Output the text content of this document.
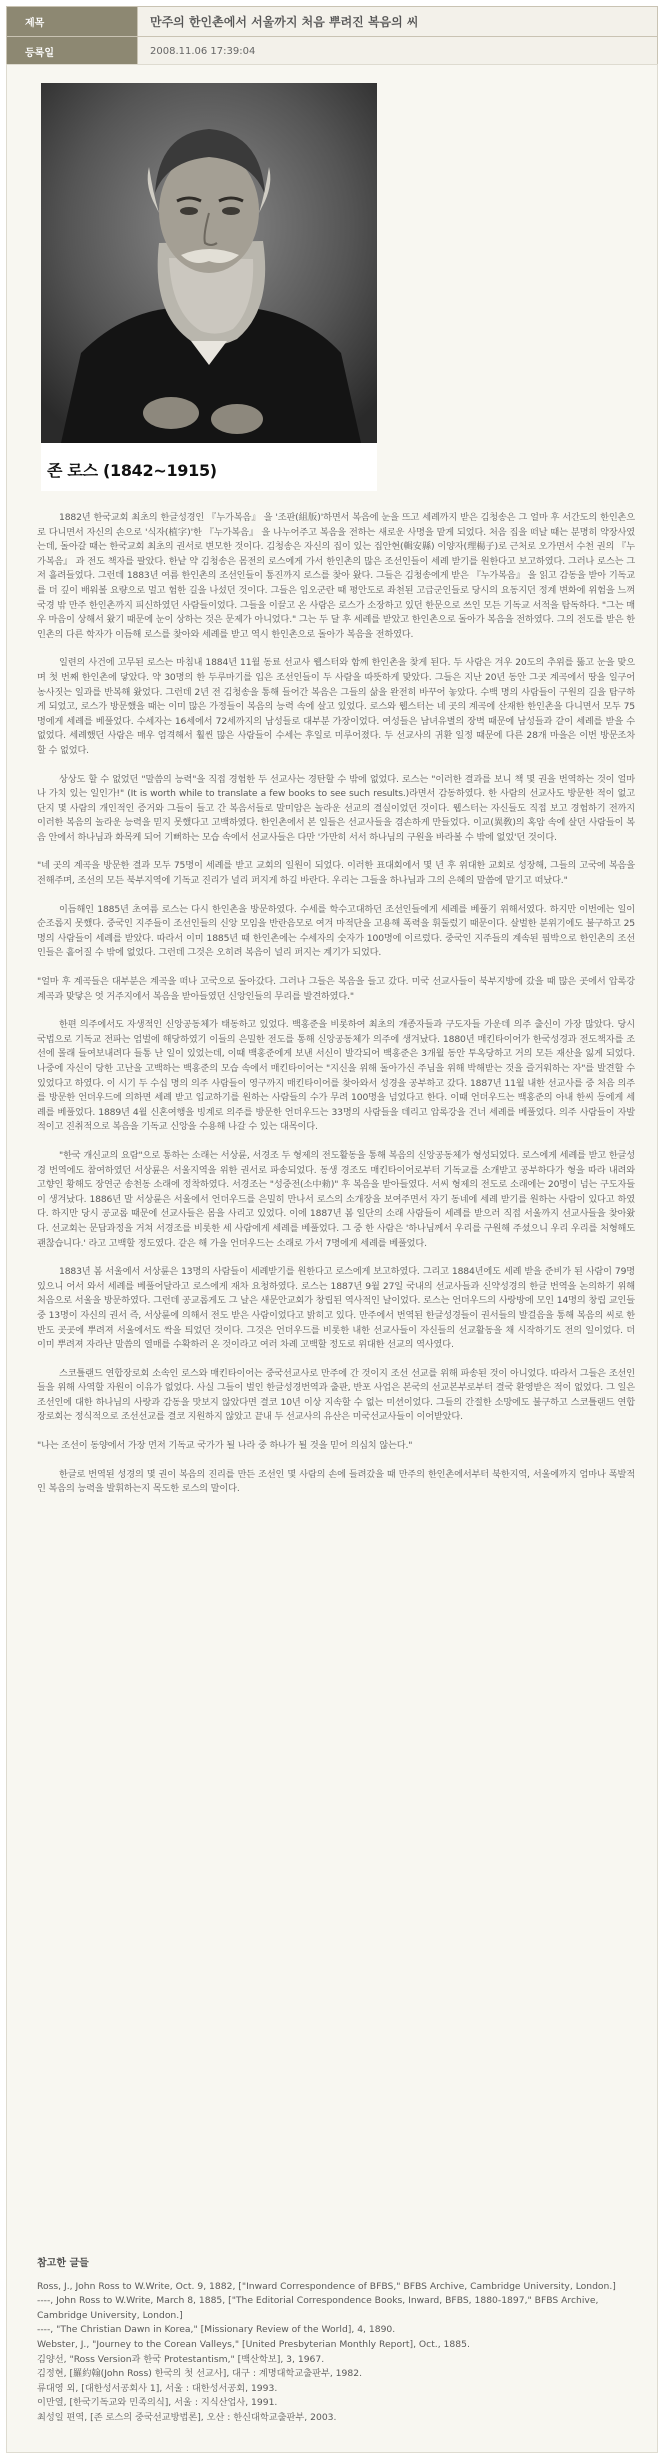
제목	만주의 한인촌에서 서울까지 처음 뿌려진 복음의 씨
등록일	2008.11.06 17:39:04
존 로스 (1842~1915)

1882년 한국교회 최초의 한글성경인 『누가복음』 을 '조판(組版)'하면서 복음에 눈을 뜨고 세례까지 받은 김청송은 그 얼마 후 서간도의 한인촌으로 다니면서 자신의 손으로 '식자(植字)'한 『누가복음』 을 나누어주고 복음을 전하는 새로운 사명을 맡게 되었다. 처음 집을 떠날 때는 분명히 약장사였는데, 돌아갈 때는 한국교회 최초의 권서로 변모한 것이다. 김청송은 자신의 집이 있는 집안현(輯安縣) 이양자(理楊子)로 근처로 오가면서 수천 권의 『누가복음』 과 전도 책자를 팔았다. 한낱 약 김청송은 몸전의 로스에게 가서 한인촌의 많은 조선인들이 세례 받기를 원한다고 보고하였다. 그러나 로스는 그저 흘려들었다. 그런데 1883년 여름 한인촌의 조선인들이 통진까지 로스를 찾아 왔다. 그들은 김청송에게 받은 『누가복음』 을 읽고 감동을 받아 기독교를 더 깊이 배워볼 요량으로 멀고 험한 길을 나섰던 것이다. 그들은 임오군란 때 평안도로 좌천된 고급군인들로 당시의 요동지던 정계 변화에 위험을 느껴 국경 밖 만주 한인촌까지 피신하였던 사람들이었다. 그들을 이끌고 온 사람은 로스가 소장하고 있던 한문으로 쓰인 모든 기독교 서적을 탐독하다. "그는 매우 마음이 상해서 왔기 때문에 눈이 상하는 것은 문제가 아니었다." 그는 두 달 후 세례를 받았고 한인촌으로 돌아가 복음을 전하였다. 그의 전도를 받은 한인촌의 다른 학자가 이듬해 로스를 찾아와 세례를 받고 역시 한인촌으로 돌아가 복음을 전하였다.

일련의 사건에 고무된 로스는 마침내 1884년 11월 동료 선교사 웹스터와 함께 한인촌을 찾게 된다. 두 사람은 겨우 20도의 추위를 뚫고 눈을 맞으며 첫 번째 한인촌에 닿았다. 약 30명의 한 두루마기를 입은 조선인들이 두 사람을 따뜻하게 맞았다. 그들은 지난 20년 동안 그곳 계곡에서 땅을 일구어 농사짓는 일과를 반복해 왔었다. 그런데 2년 전 김청송을 통해 들어간 복음은 그들의 삶을 완전히 바꾸어 놓았다. 수백 명의 사람들이 구원의 길을 탐구하게 되었고, 로스가 방문했을 때는 이미 많은 가정들이 복음의 능력 속에 살고 있었다. 로스와 웹스터는 네 곳의 계곡에 산재한 한인촌을 다니면서 모두 75명에게 세례를 베풀었다. 수세자는 16세에서 72세까지의 남성들로 대부분 가장이었다. 여성들은 남녀유별의 장벽 때문에 남성들과 같이 세례를 받을 수 없었다. 세례했던 사람은 매우 엄격해서 훨씬 많은 사람들이 수세는 후일로 미루어졌다. 두 선교사의 귀환 일정 때문에 다른 28개 마을은 이번 방문조차 할 수 없었다.

상상도 할 수 없었던 "말씀의 능력"을 직접 경험한 두 선교사는 경탄할 수 밖에 없었다. 로스는 "이러한 결과를 보니 책 몇 권을 번역하는 것이 얼마나 가치 있는 일인가!" (It is worth while to translate a few books to see such results.)라면서 감동하였다. 한 사람의 선교사도 방문한 적이 없고 단지 몇 사람의 개인적인 증거와 그들이 들고 간 복음서들로 말미암은 놀라운 선교의 결실이었던 것이다. 웹스터는 자신들도 직접 보고 경험하기 전까지 이러한 복음의 놀라운 능력을 믿지 못했다고 고백하였다. 한인촌에서 본 일들은 선교사들을 겸손하게 만들었다. 이교(異敎)의 혹암 속에 살던 사람들이 복음 안에서 하나님과 화목케 되어 기뻐하는 모습 속에서 선교사들은 다만 '가만히 서서 하나님의 구원을 바라볼 수 밖에 없었'던 것이다.

"네 곳의 계곡을 방문한 결과 모두 75명이 세례를 받고 교회의 일원이 되었다. 이러한 표대회에서 몇 년 후 위대한 교회로 성장해, 그들의 고국에 복음을 전해주며, 조선의 모든 북부지역에 기독교 진리가 널리 퍼지게 하길 바란다. 우리는 그들을 하나님과 그의 은혜의 말씀에 맡기고 떠났다."

이듬해인 1885년 초여름 로스는 다시 한인촌을 방문하였다. 수세를 학수고대하던 조선인들에게 세례를 베풀기 위해서였다. 하지만 이번에는 일이 순조롭지 못했다. 중국인 지주들이 조선인들의 신앙 모임을 반란음모로 여겨 마적단을 고용해 폭력을 휘둘렀기 때문이다. 살벌한 분위기에도 불구하고 25명의 사람들이 세례를 받았다. 따라서 이미 1885년 때 한인촌에는 수세자의 숫자가 100명에 이르렀다. 중국인 지주들의 계속된 핍박으로 한인촌의 조선인들은 흩어질 수 밖에 없었다. 그런데 그것은 오히려 복음이 널리 퍼지는 계기가 되었다.

"얼마 후 계곡들은 대부분은 계곡을 떠나 고국으로 돌아갔다. 그러나 그들은 복음을 들고 갔다. 미국 선교사들이 북부지방에 갔을 때 많은 곳에서 압록강 계곡과 맞닿은 엇 거주지에서 복음을 받아들였던 신앙인들의 무리를 발견하였다."

한편 의주에서도 자생적인 신앙공동체가 태동하고 있었다. 백홍준을 비롯하여 최초의 개종자들과 구도자들 가운데 의주 출신이 가장 많았다. 당시 국법으로 기독교 전파는 엄벌에 해당하였기 이들의 은밀한 전도를 통해 신앙공동체가 의주에 생겨났다. 1880년 매킨타이어가 한국성경과 전도책자를 조선에 몰래 들여보내려다 들통 난 일이 있었는데, 이때 백홍준에게 보낸 서신이 발각되어 백홍준은 3개월 동안 투옥당하고 거의 모든 재산을 잃게 되었다. 나중에 자신이 당한 고난을 고백하는 백홍준의 모습 속에서 매킨타이어는 "지신을 위해 돌아가신 주님을 위해 박해받는 것을 즐거워하는 자"를 발견할 수 있었다고 하였다. 이 시기 두 수십 명의 의주 사람들이 영구까지 매킨타이어를 찾아와서 성경을 공부하고 갔다. 1887년 11월 내한 선교사를 중 처음 의주를 방문한 언더우드에 의하면 세례 받고 입교하기를 원하는 사람들의 수가 무려 100명을 넘었다고 한다. 이때 언더우드는 백홍준의 아내 한씨 등에게 세례를 베풀었다. 1889년 4월 신혼여행을 빙계로 의주를 방문한 언더우드는 33명의 사람들을 데리고 압록강을 건너 세례를 베풀었다. 의주 사람들이 자발적이고 진취적으로 복음을 기독교 신앙을 수용해 나갈 수 있는 대목이다.

"한국 개신교의 요람"으로 통하는 소래는 서상륜, 서경조 두 형제의 전도활동을 통해 복음의 신앙공동체가 형성되었다. 로스에게 세례를 받고 한글성경 번역에도 참여하였던 서상륜은 서울지역을 위한 권서로 파송되었다. 동생 경조도 매킨타이어로부터 기독교를 소개받고 공부하다가 형을 따라 내려와 고향인 황해도 장연군 송천동 소래에 정착하였다. 서경조는 "성중전(소中勑)" 후 복음을 받아들였다. 서씨 형제의 전도로 소래에는 20명이 넘는 구도자들이 생겨났다. 1886년 말 서상륜은 서울에서 언더우드를 은밀히 만나서 로스의 소개장을 보여주면서 자기 동네에 세례 받기를 원하는 사람이 있다고 하였다. 하지만 당시 공교롭 때문에 선교사들은 몸을 사리고 있었다. 이에 1887년 봄 일단의 소래 사람들이 세례를 받으러 직접 서울까지 선교사들을 찾아왔다. 선교회는 문답과정을 거쳐 서경조를 비롯한 세 사람에게 세례를 베풀었다. 그 중 한 사람은 '하나님께서 우리를 구원해 주셨으니 우리 우리를 처형해도 괜찮습니다.' 라고 고백할 정도였다. 같은 해 가을 언더우드는 소래로 가서 7명에게 세례를 베풀었다.

1883년 봄 서울에서 서상륜은 13명의 사람들이 세례받기를 원한다고 로스에게 보고하였다. 그리고 1884년에도 세례 받을 준비가 된 사람이 79명 있으니 어서 와서 세례를 베풀어달라고 로스에게 재차 요청하였다. 로스는 1887년 9월 27일 국내의 선교사들과 신약성경의 한글 번역을 논의하기 위해 처음으로 서울을 방문하였다. 그런데 공교롭게도 그 날은 새문안교회가 창립된 역사적인 날이었다. 로스는 언더우드의 사랑방에 모인 14명의 창립 교인들 중 13명이 자신의 권서 즉, 서상륜에 의해서 전도 받은 사람이었다고 밝히고 있다. 만주에서 번역된 한글성경들이 권서들의 발걸음을 통해 복음의 씨로 한반도 곳곳에 뿌려져 서울에서도 싹을 틔었던 것이다. 그것은 언더우드를 비롯한 내한 선교사들이 자신들의 선교활동을 채 시작하기도 전의 일이었다. 더 이미 뿌려져 자라난 말씀의 열매를 수확하러 온 것이라고 여러 차례 고백할 정도로 위대한 선교의 역사였다.

스코틀랜드 연합장로회 소속인 로스와 매킨타이어는 중국선교사로 만주에 간 것이지 조선 선교를 위해 파송된 것이 아니었다. 따라서 그들은 조선인들을 위해 사역할 자원이 이유가 없었다. 사실 그들이 벌인 한글성경번역과 출판, 반포 사업은 본국의 선교본부로부터 결국 환영받은 적이 없었다. 그 일은 조선인에 대한 하나님의 사랑과 감동을 맛보지 않았다면 결코 10년 이상 지속할 수 없는 미션이었다. 그들의 간절한 소망에도 불구하고 스코틀랜드 연합장로회는 정식적으로 조선선교를 결코 지원하지 않았고 끝내 두 선교사의 유산은 미국선교사들이 이어받았다.

"나는 조선이 동양에서 가장 먼저 기독교 국가가 될 나라 중 하나가 될 것을 믿어 의심치 않는다."

한글로 번역된 성경의 몇 권이 복음의 진리를 만든 조선인 몇 사람의 손에 들려갔을 때 만주의 한인촌에서부터 북한지역, 서울에까지 엄마나 폭발적인 복음의 능력을 발휘하는지 목도한 로스의 말이다.

참고한 글들
Ross, J., John Ross to W.Write, Oct. 9, 1882, ["Inward Correspondence of BFBS," BFBS Archive, Cambridge University, London.]
----, John Ross to W.Write, March 8, 1885, ["The Editorial Correspondence Books, Inward, BFBS, 1880-1897," BFBS Archive, Cambridge University, London.]
----, "The Christian Dawn in Korea," [Missionary Review of the World], 4, 1890.
Webster, J., "Journey to the Corean Valleys," [United Presbyterian Monthly Report], Oct., 1885.
김양선, "Ross Version과 한국 Protestantism," [백산학보], 3, 1967.
김정현, [羅約翰(John Ross) 한국의 첫 선교사], 대구 : 계명대학교출판부, 1982.
류대영 외, [대한성서공회사 1], 서울 : 대한성서공회, 1993.
이만열, [한국기독교와 민족의식], 서울 : 지식산업사, 1991.
최성일 편역, [존 로스의 중국선교방법론], 오산 : 한신대학교출판부, 2003.
